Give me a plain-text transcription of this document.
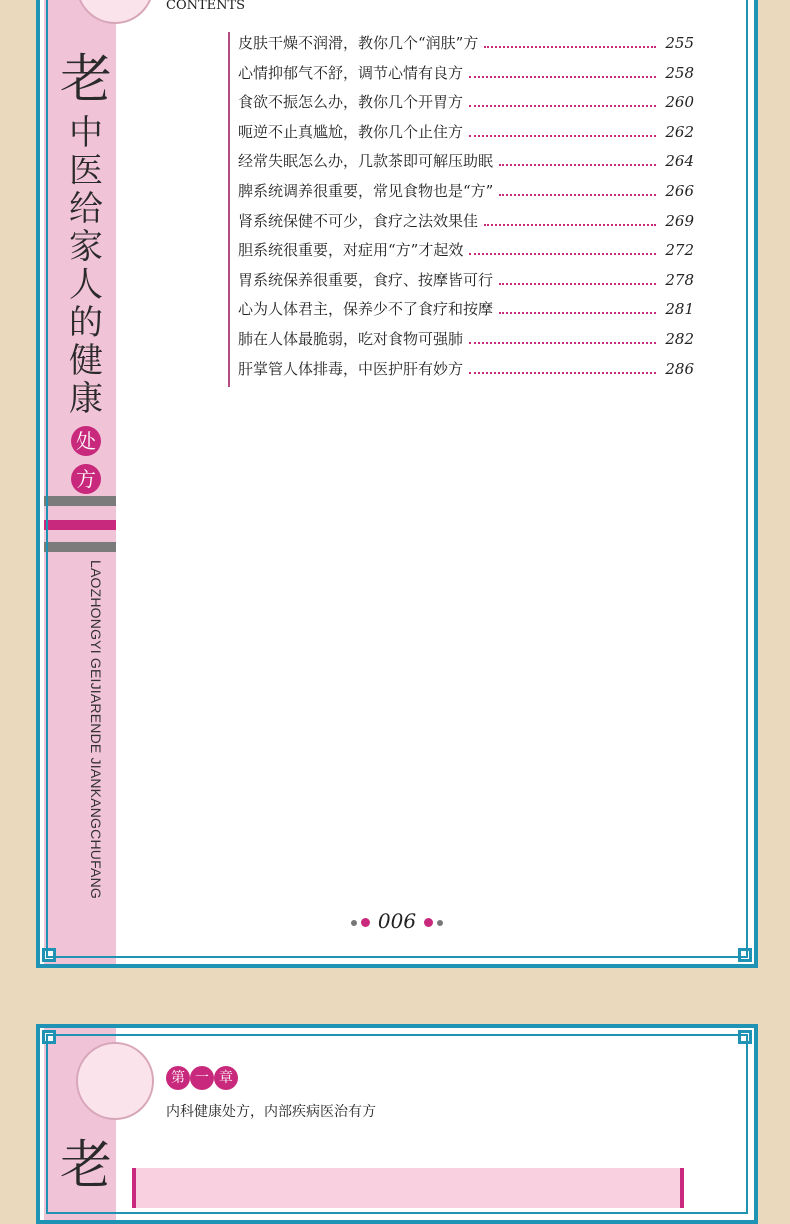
老
中
医
给
家
人
的
健
康
处
方
LAOZHONGYI GEIJIARENDE JIANKANGCHUFANG
CONTENTS
皮肤干燥不润滑，教你几个“润肤”方	255
心情抑郁气不舒，调节心情有良方	258
食欲不振怎么办，教你几个开胃方	260
呃逆不止真尴尬，教你几个止住方	262
经常失眠怎么办，几款茶即可解压助眠	264
脾系统调养很重要，常见食物也是“方”	266
肾系统保健不可少，食疗之法效果佳	269
胆系统很重要，对症用“方”才起效	272
胃系统保养很重要，食疗、按摩皆可行	278
心为人体君主，保养少不了食疗和按摩	281
肺在人体最脆弱，吃对食物可强肺	282
肝掌管人体排毒，中医护肝有妙方	286
006
老
第 一 章
内科健康处方，内部疾病医治有方
